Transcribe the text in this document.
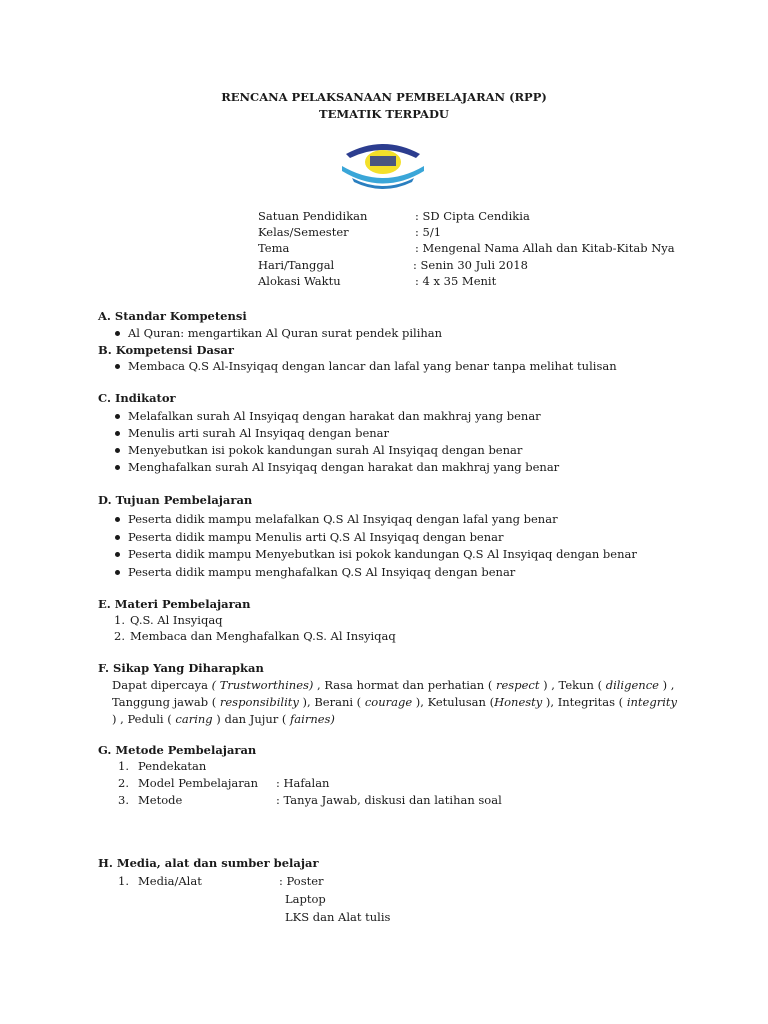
RENCANA PELAKSANAAN PEMBELAJARAN (RPP)
TEMATIK TERPADU
Satuan Pendidikan	: SD Cipta Cendikia
Kelas/Semester	: 5/1
Tema	: Mengenal Nama Allah dan Kitab-Kitab Nya
Hari/Tanggal	: Senin 30 Juli 2018
Alokasi Waktu	: 4 x 35 Menit
A. Standar Kompetensi
Al Quran: mengartikan Al Quran surat pendek pilihan
B. Kompetensi Dasar
Membaca Q.S Al-Insyiqaq dengan lancar dan lafal yang benar tanpa melihat tulisan
C. Indikator
Melafalkan surah Al Insyiqaq dengan harakat dan makhraj yang benar
Menulis arti surah Al Insyiqaq dengan benar
Menyebutkan isi pokok kandungan surah Al Insyiqaq dengan benar
Menghafalkan surah Al Insyiqaq dengan harakat dan makhraj yang benar
D. Tujuan Pembelajaran
Peserta didik mampu melafalkan Q.S Al Insyiqaq dengan lafal yang benar
Peserta didik mampu Menulis arti Q.S Al Insyiqaq dengan benar
Peserta didik mampu Menyebutkan isi pokok kandungan Q.S Al Insyiqaq dengan benar
Peserta didik mampu menghafalkan Q.S Al Insyiqaq dengan benar
E. Materi Pembelajaran
1. Q.S. Al Insyiqaq
2. Membaca dan Menghafalkan Q.S. Al Insyiqaq
F. Sikap Yang Diharapkan
Dapat dipercaya ( Trustworthines) , Rasa hormat dan perhatian ( respect ) , Tekun ( diligence ) , Tanggung jawab ( responsibility ), Berani ( courage ), Ketulusan (Honesty ), Integritas ( integrity ) , Peduli ( caring ) dan Jujur ( fairnes)
G. Metode Pembelajaran
1. Pendekatan
2. Model Pembelajaran : Hafalan
3. Metode	: Tanya Jawab, diskusi dan latihan soal
H. Media, alat dan sumber belajar
1. Media/Alat	: Poster
Laptop
LKS dan Alat tulis
